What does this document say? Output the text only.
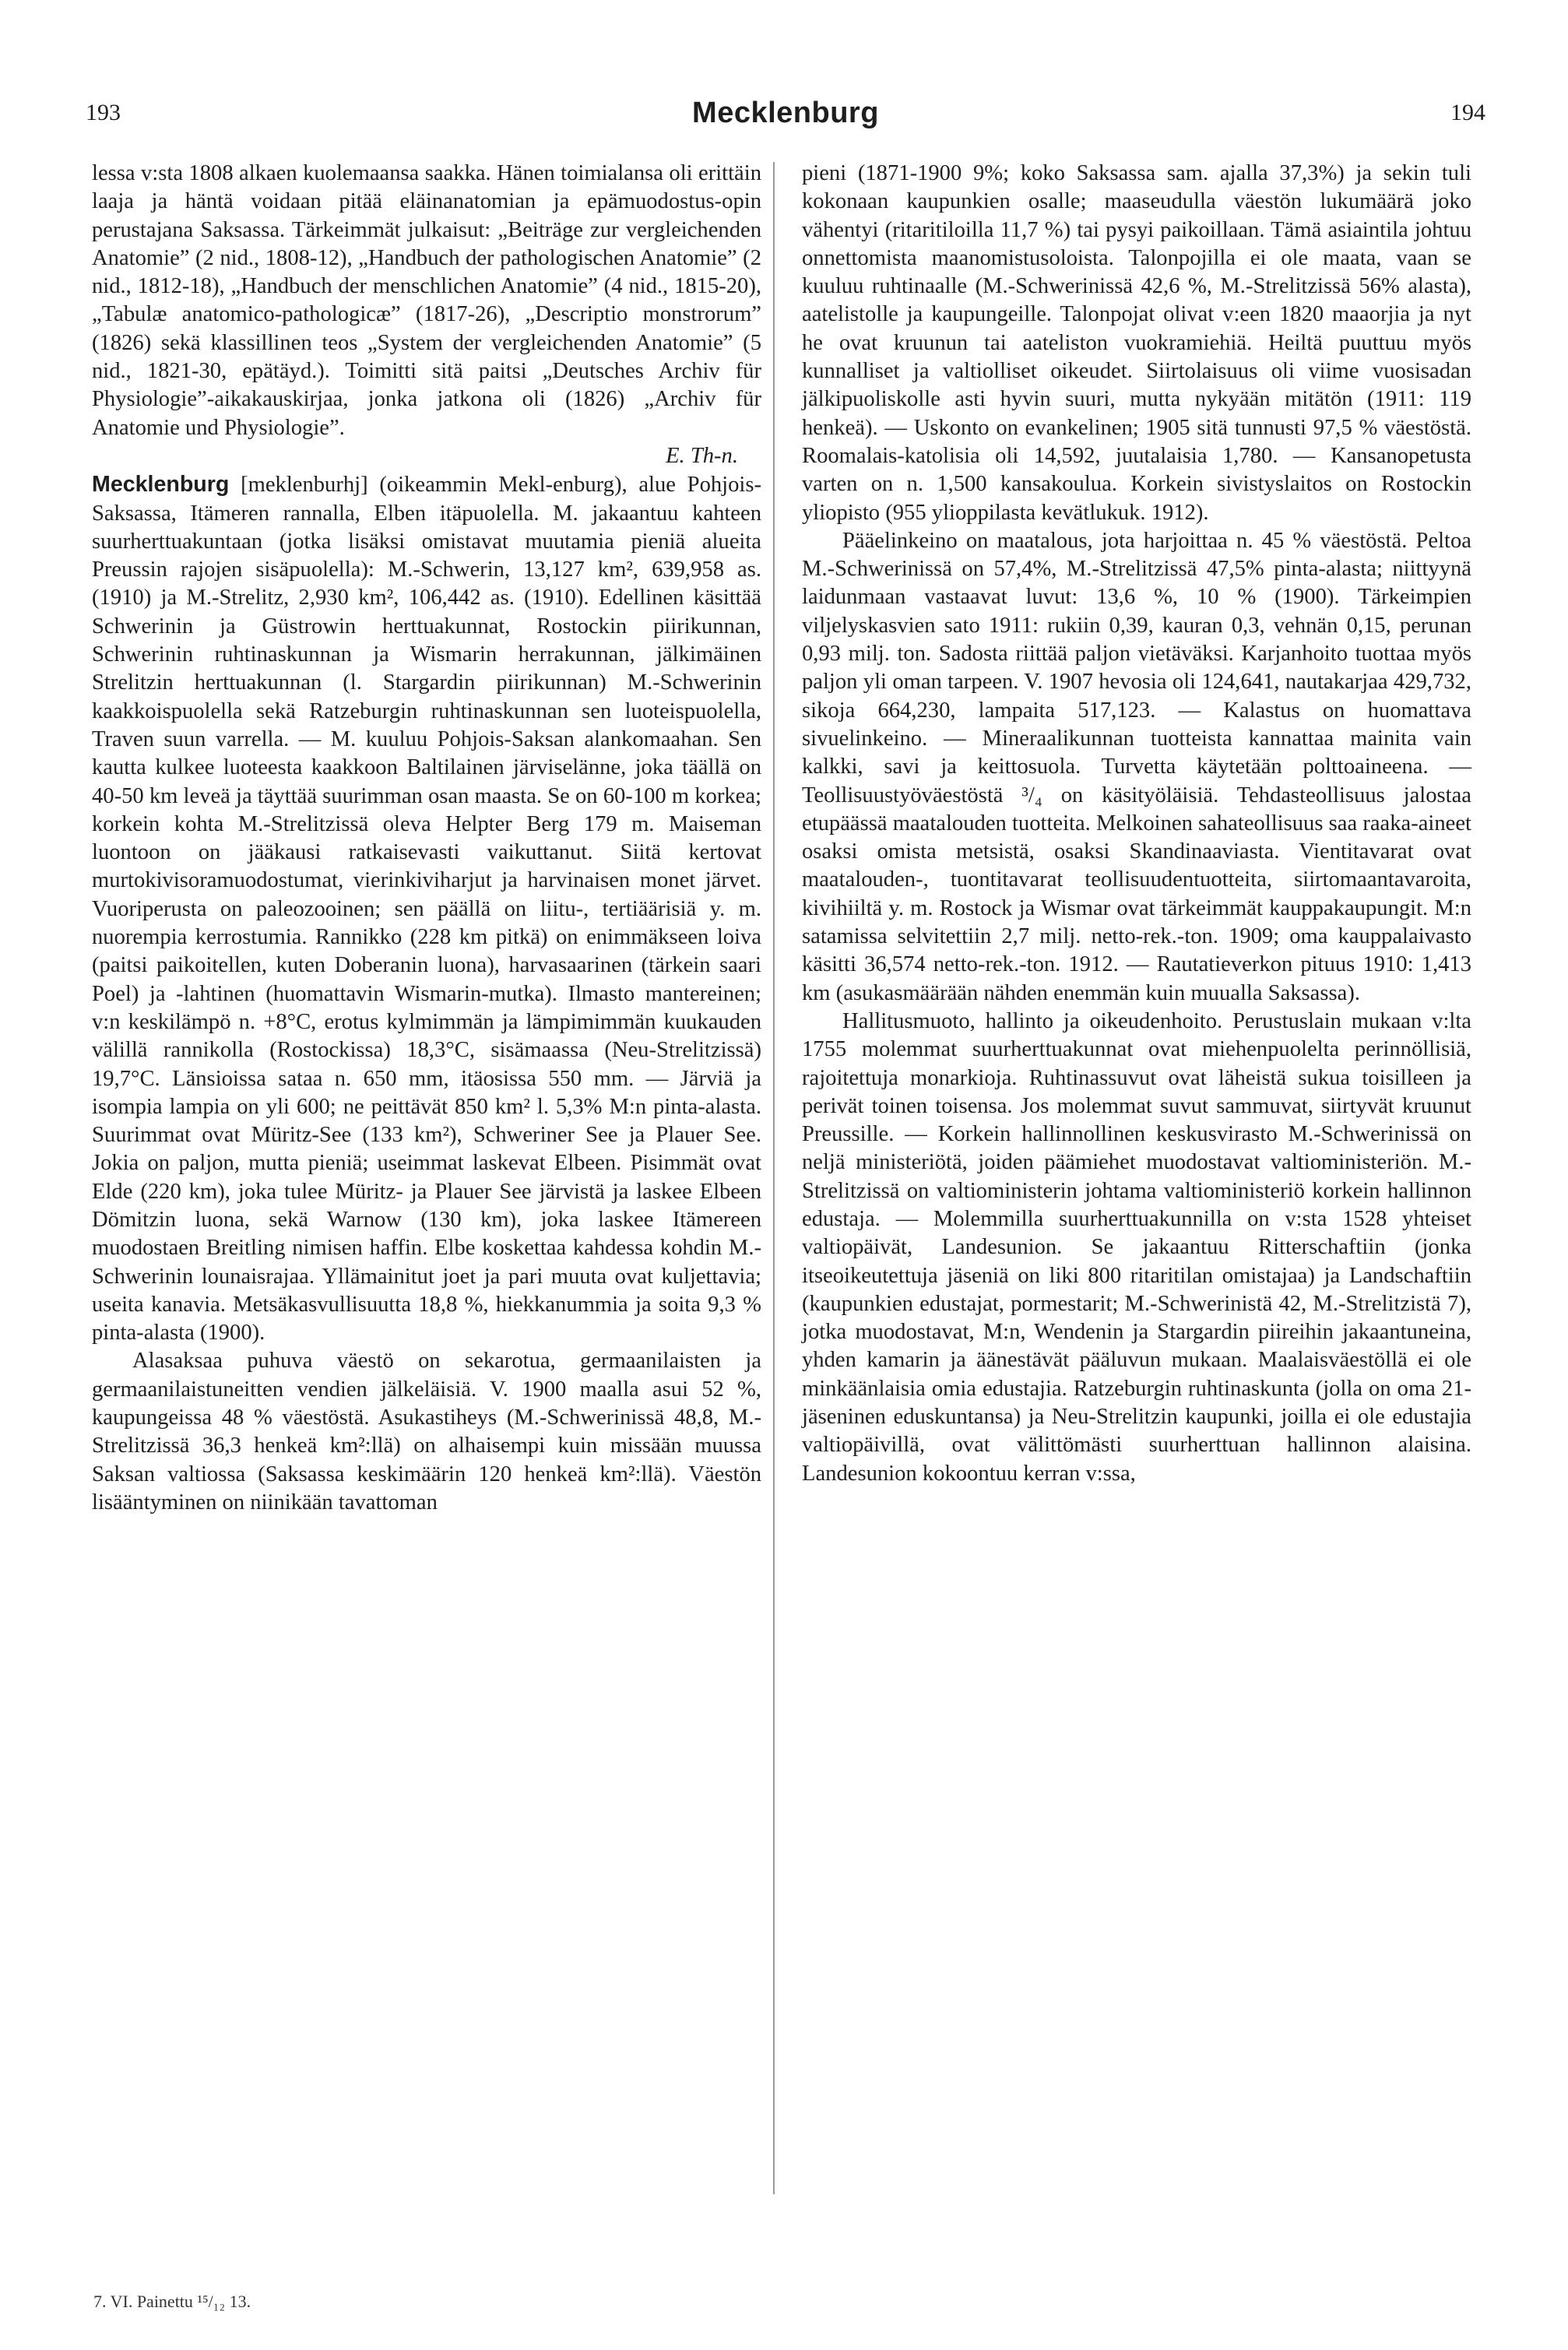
193	Mecklenburg	194

lessa v:sta 1808 alkaen kuolemaansa saakka. Hänen toimialansa oli erittäin laaja ja häntä voidaan pitää eläinanatomian ja epämuodostus-opin perustajana Saksassa. Tärkeimmät julkaisut: „Beiträge zur vergleichenden Anatomie” (2 nid., 1808-12), „Handbuch der pathologischen Anatomie” (2 nid., 1812-18), „Handbuch der menschlichen Anatomie” (4 nid., 1815-20), „Tabulæ anatomico-pathologicæ” (1817-26), „Descriptio monstrorum” (1826) sekä klassillinen teos „System der vergleichenden Anatomie” (5 nid., 1821-30, epätäyd.). Toimitti sitä paitsi „Deutsches Archiv für Physiologie”-aikakauskirjaa, jonka jatkona oli (1826) „Archiv für Anatomie und Physiologie”.
E. Th-n.

Mecklenburg [meklenburhj] (oikeammin Mekl-enburg), alue Pohjois-Saksassa, Itämeren rannalla, Elben itäpuolella. M. jakaantuu kahteen suurherttuakuntaan (jotka lisäksi omistavat muutamia pieniä alueita Preussin rajojen sisäpuolella): M.-Schwerin, 13,127 km², 639,958 as. (1910) ja M.-Strelitz, 2,930 km², 106,442 as. (1910). Edellinen käsittää Schwerinin ja Güstrowin herttuakunnat, Rostockin piirikunnan, Schwerinin ruhtinaskunnan ja Wismarin herrakunnan, jälkimäinen Strelitzin herttuakunnan (l. Stargardin piirikunnan) M.-Schwerinin kaakkoispuolella sekä Ratzeburgin ruhtinaskunnan sen luoteispuolella, Traven suun varrella. — M. kuuluu Pohjois-Saksan alankomaahan. Sen kautta kulkee luoteesta kaakkoon Baltilainen järviselänne, joka täällä on 40-50 km leveä ja täyttää suurimman osan maasta. Se on 60-100 m korkea; korkein kohta M.-Strelitzissä oleva Helpter Berg 179 m. Maiseman luontoon on jääkausi ratkaisevasti vaikuttanut. Siitä kertovat murtokivisoramuodostumat, vierinkiviharjut ja harvinaisen monet järvet. Vuoriperusta on paleozooinen; sen päällä on liitu-, tertiäärisiä y. m. nuorempia kerrostumia. Rannikko (228 km pitkä) on enimmäkseen loiva (paitsi paikoitellen, kuten Doberanin luona), harvasaarinen (tärkein saari Poel) ja -lahtinen (huomattavin Wismarin-mutka). Ilmasto mantereinen; v:n keskilämpö n. +8°C, erotus kylmimmän ja lämpimimmän kuukauden välillä rannikolla (Rostockissa) 18,3°C, sisämaassa (Neu-Strelitzissä) 19,7°C. Länsioissa sataa n. 650 mm, itäosissa 550 mm. — Järviä ja isompia lampia on yli 600; ne peittävät 850 km² l. 5,3% M:n pinta-alasta. Suurimmat ovat Müritz-See (133 km²), Schweriner See ja Plauer See. Jokia on paljon, mutta pieniä; useimmat laskevat Elbeen. Pisimmät ovat Elde (220 km), joka tulee Müritz- ja Plauer See järvistä ja laskee Elbeen Dömitzin luona, sekä Warnow (130 km), joka laskee Itämereen muodostaen Breitling nimisen haffin. Elbe koskettaa kahdessa kohdin M.-Schwerinin lounaisrajaa. Yllämainitut joet ja pari muuta ovat kuljettavia; useita kanavia. Metsäkasvullisuutta 18,8 %, hiekkanummia ja soita 9,3 % pinta-alasta (1900).

Alasaksaa puhuva väestö on sekarotua, germaanilaisten ja germaanilaistuneitten vendien jälkeläisiä. V. 1900 maalla asui 52 %, kaupungeissa 48 % väestöstä. Asukastiheys (M.-Schwerinissä 48,8, M.-Strelitzissä 36,3 henkeä km²:llä) on alhaisempi kuin missään muussa Saksan valtiossa (Saksassa keskimäärin 120 henkeä km²:llä). Väestön lisääntyminen on niinikään tavattoman

pieni (1871-1900 9%; koko Saksassa sam. ajalla 37,3%) ja sekin tuli kokonaan kaupunkien osalle; maaseudulla väestön lukumäärä joko vähentyi (ritaritiloilla 11,7 %) tai pysyi paikoillaan. Tämä asiaintila johtuu onnettomista maanomistusoloista. Talonpojilla ei ole maata, vaan se kuuluu ruhtinaalle (M.-Schwerinissä 42,6 %, M.-Strelitzissä 56% alasta), aatelistolle ja kaupungeille. Talonpojat olivat v:een 1820 maaorjia ja nyt he ovat kruunun tai aateliston vuokramiehiä. Heiltä puuttuu myös kunnalliset ja valtiolliset oikeudet. Siirtolaisuus oli viime vuosisadan jälkipuoliskolle asti hyvin suuri, mutta nykyään mitätön (1911: 119 henkeä). — Uskonto on evankelinen; 1905 sitä tunnusti 97,5 % väestöstä. Roomalais-katolisia oli 14,592, juutalaisia 1,780. — Kansanopetusta varten on n. 1,500 kansakoulua. Korkein sivistyslaitos on Rostockin yliopisto (955 ylioppilasta kevätlukuk. 1912).

Pääelinkeino on maatalous, jota harjoittaa n. 45 % väestöstä. Peltoa M.-Schwerinissä on 57,4%, M.-Strelitzissä 47,5% pinta-alasta; niittyynä laidunmaan vastaavat luvut: 13,6 %, 10 % (1900). Tärkeimpien viljelyskasvien sato 1911: rukiin 0,39, kauran 0,3, vehnän 0,15, perunan 0,93 milj. ton. Sadosta riittää paljon vietäväksi. Karjanhoito tuottaa myös paljon yli oman tarpeen. V. 1907 hevosia oli 124,641, nautakarjaa 429,732, sikoja 664,230, lampaita 517,123. — Kalastus on huomattava sivuelinkeino. — Mineraalikunnan tuotteista kannattaa mainita vain kalkki, savi ja keittosuola. Turvetta käytetään polttoaineena. — Teollisuustyöväestöstä ³/₄ on käsityöläisiä. Tehdasteollisuus jalostaa etupäässä maatalouden tuotteita. Melkoinen sahateollisuus saa raaka-aineet osaksi omista metsistä, osaksi Skandinaaviasta. Vientitavarat ovat maatalouden-, tuontitavarat teollisuudentuotteita, siirtomaantavaroita, kivihiiltä y. m. Rostock ja Wismar ovat tärkeimmät kauppakaupungit. M:n satamissa selvitettiin 2,7 milj. netto-rek.-ton. 1909; oma kauppalaivasto käsitti 36,574 netto-rek.-ton. 1912. — Rautatieverkon pituus 1910: 1,413 km (asukasmäärään nähden enemmän kuin muualla Saksassa).

Hallitusmuoto, hallinto ja oikeudenhoito. Perustuslain mukaan v:lta 1755 molemmat suurherttuakunnat ovat miehenpuolelta perinnöllisiä, rajoitettuja monarkioja. Ruhtinassuvut ovat läheistä sukua toisilleen ja perivät toinen toisensa. Jos molemmat suvut sammuvat, siirtyvät kruunut Preussille. — Korkein hallinnollinen keskusvirasto M.-Schwerinissä on neljä ministeriötä, joiden päämiehet muodostavat valtioministeriön. M.-Strelitzissä on valtioministerin johtama valtioministeriö korkein hallinnon edustaja. — Molemmilla suurherttuakunnilla on v:sta 1528 yhteiset valtiopäivät, Landesunion. Se jakaantuu Ritterschaftiin (jonka itseoikeutettuja jäseniä on liki 800 ritaritilan omistajaa) ja Landschaftiin (kaupunkien edustajat, pormestarit; M.-Schwerinistä 42, M.-Strelitzistä 7), jotka muodostavat, M:n, Wendenin ja Stargardin piireihin jakaantuneina, yhden kamarin ja äänestävät pääluvun mukaan. Maalaisväestöllä ei ole minkäänlaisia omia edustajia. Ratzeburgin ruhtinaskunta (jolla on oma 21-jäseninen eduskuntansa) ja Neu-Strelitzin kaupunki, joilla ei ole edustajia valtiopäivillä, ovat välittömästi suurherttuan hallinnon alaisina. Landesunion kokoontuu kerran v:ssa,

7. VI. Painettu ¹⁵/₁₂ 13.
